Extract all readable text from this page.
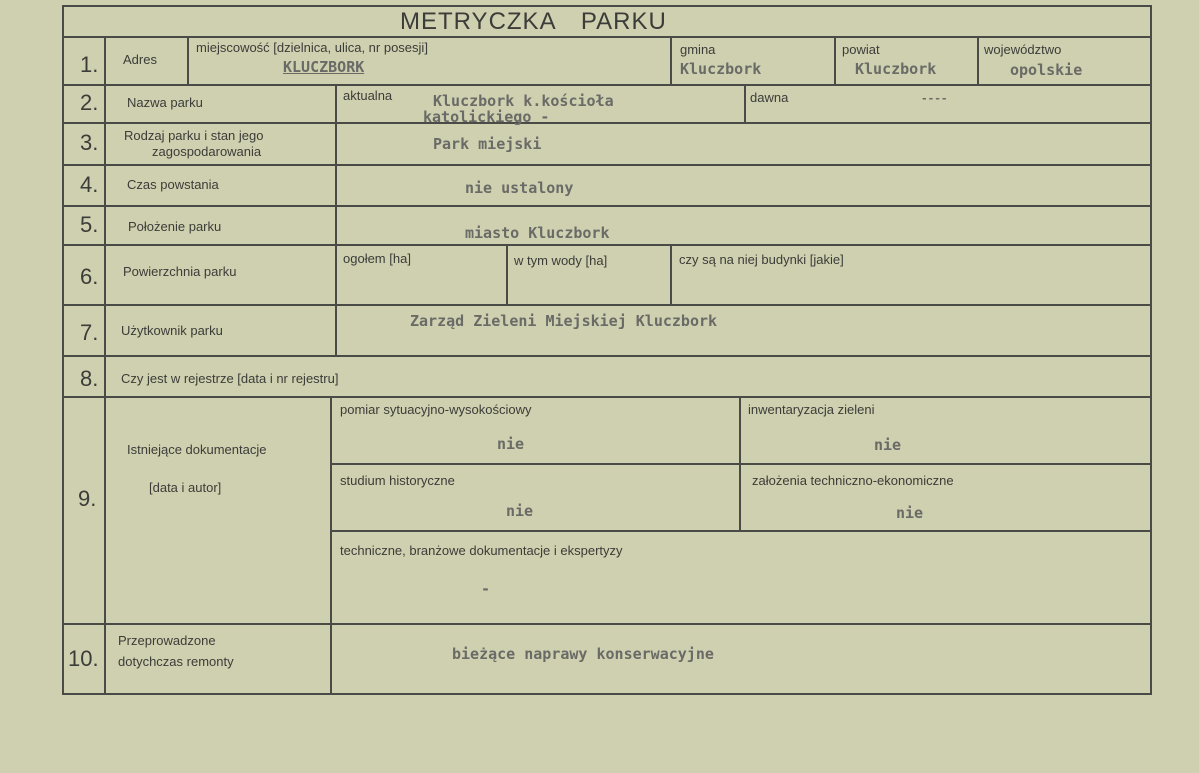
METRYCZKA PARKU
1. Adres
miejscowość [dzielnica, ulica, nr posesji]
KLUCZBORK
gmina
Kluczbork
powiat
Kluczbork
województwo
opolskie
2. Nazwa parku	aktualna	Kluczbork k.kościoła
katolickiego -
dawna	----
3. Rodzaj parku i stan jego
zagospodarowania	Park miejski
4. Czas powstania	nie ustalony
5. Położenie parku	miasto Kluczbork
6. Powierzchnia parku
ogołem [ha]	w tym wody [ha]	czy są na niej budynki [jakie]
7. Użytkownik parku
Zarząd Zieleni Miejskiej Kluczbork
8. Czy jest w rejestrze [data i nr rejestru]
9.
Istniejące dokumentacje
[data i autor]
pomiar sytuacyjno-wysokościowy
nie
inwentaryzacja zieleni
nie
studium historyczne
nie
założenia techniczno-ekonomiczne
nie
techniczne, branżowe dokumentacje i ekspertyzy
-
10.
Przeprowadzone
dotychczas remonty	bieżące naprawy konserwacyjne
